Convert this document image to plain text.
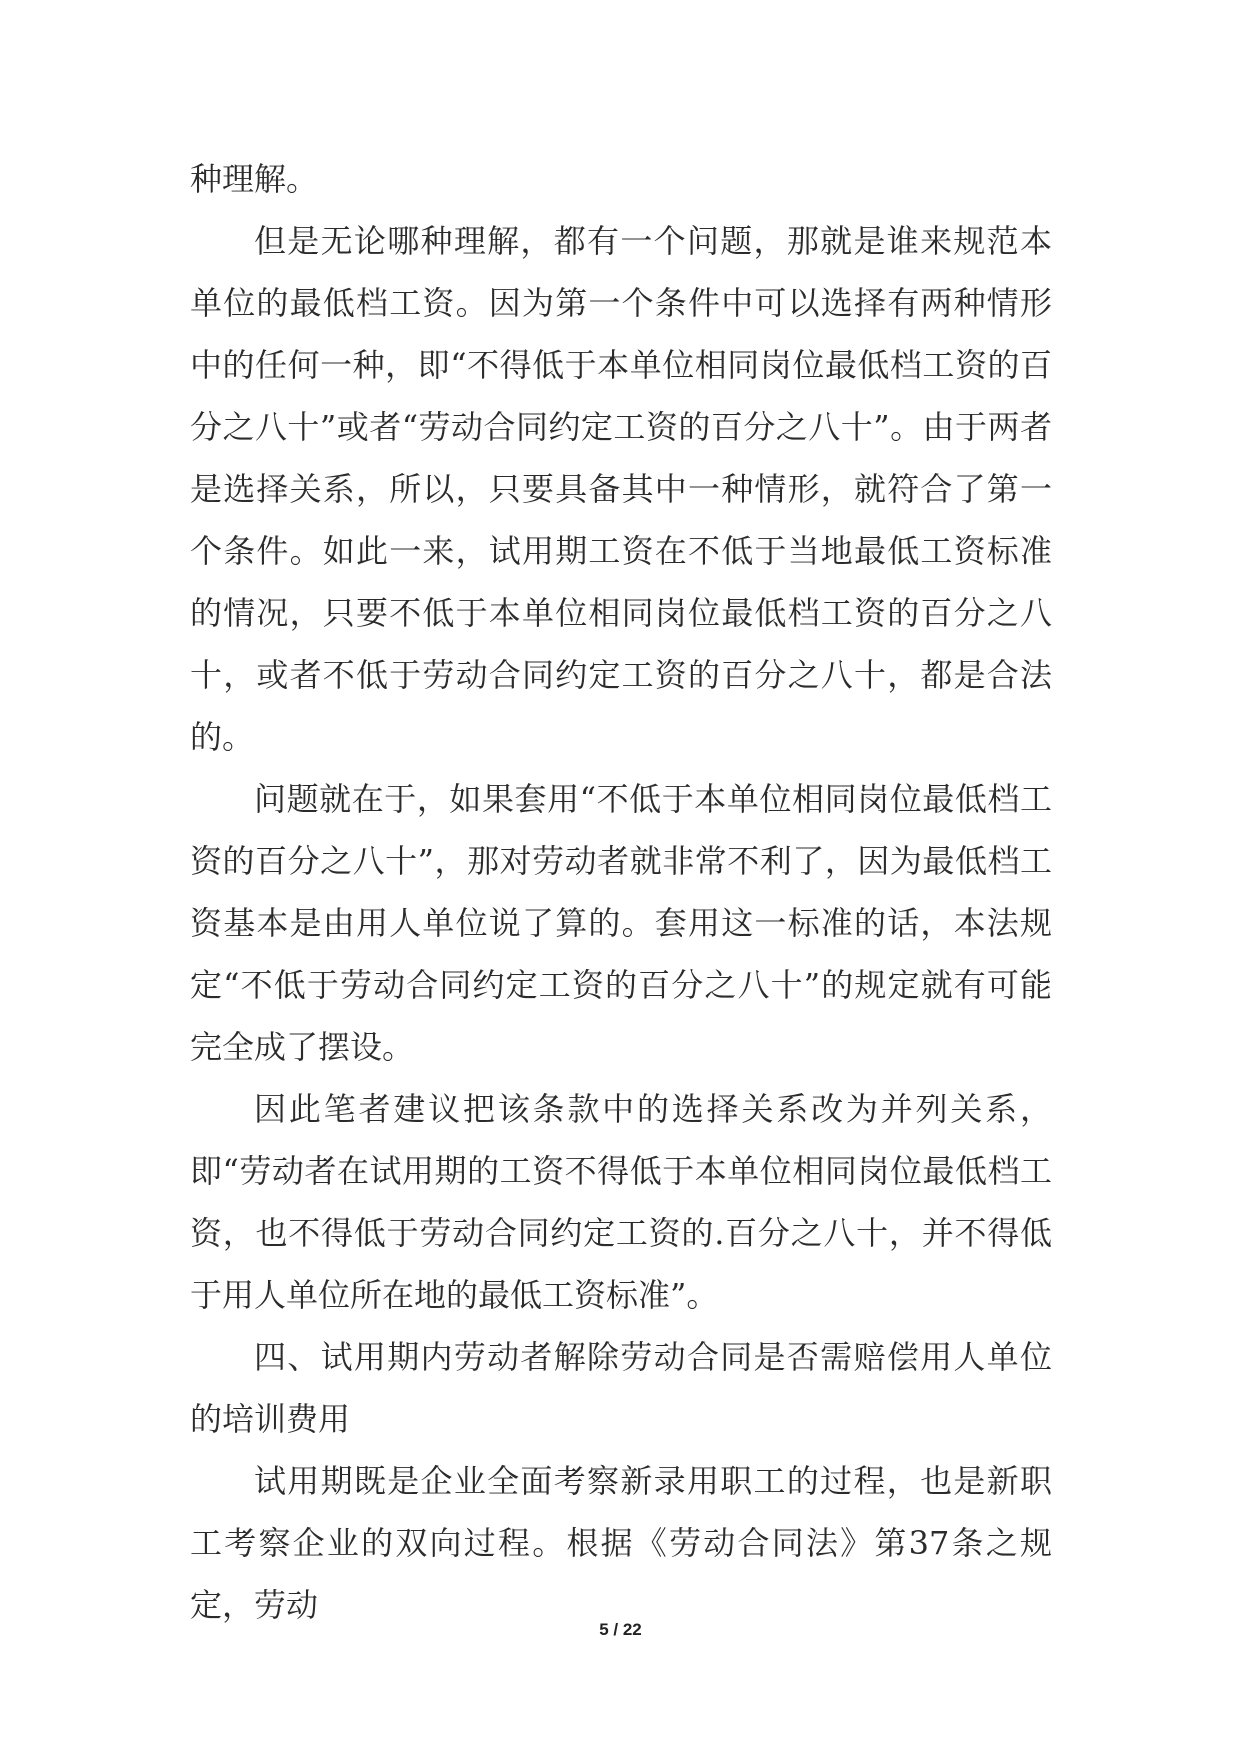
种理解。

但是无论哪种理解，都有一个问题，那就是谁来规范本单位的最低档工资。因为第一个条件中可以选择有两种情形中的任何一种，即“不得低于本单位相同岗位最低档工资的百分之八十”或者“劳动合同约定工资的百分之八十”。由于两者是选择关系，所以，只要具备其中一种情形，就符合了第一个条件。如此一来，试用期工资在不低于当地最低工资标准的情况，只要不低于本单位相同岗位最低档工资的百分之八十，或者不低于劳动合同约定工资的百分之八十，都是合法的。

问题就在于，如果套用“不低于本单位相同岗位最低档工资的百分之八十”，那对劳动者就非常不利了，因为最低档工资基本是由用人单位说了算的。套用这一标准的话，本法规定“不低于劳动合同约定工资的百分之八十”的规定就有可能完全成了摆设。

因此笔者建议把该条款中的选择关系改为并列关系，即“劳动者在试用期的工资不得低于本单位相同岗位最低档工资，也不得低于劳动合同约定工资的.百分之八十，并不得低于用人单位所在地的最低工资标准”。

四、试用期内劳动者解除劳动合同是否需赔偿用人单位的培训费用

试用期既是企业全面考察新录用职工的过程，也是新职工考察企业的双向过程。根据《劳动合同法》第37条之规定，劳动

5 / 22
